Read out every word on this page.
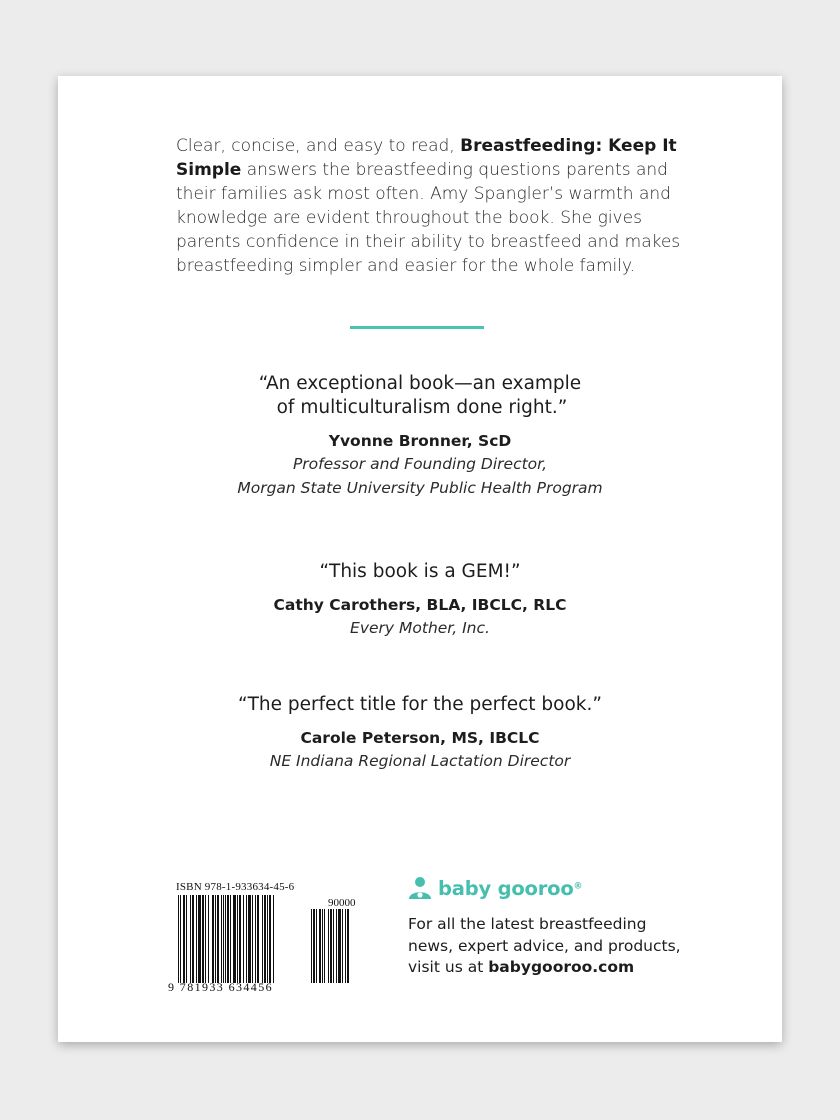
Clear, concise, and easy to read, Breastfeeding: Keep It Simple answers the breastfeeding questions parents and their families ask most often. Amy Spangler’s warmth and knowledge are evident throughout the book. She gives parents confidence in their ability to breastfeed and makes breastfeeding simpler and easier for the whole family.

“An exceptional book—an example
of multiculturalism done right.”

Yvonne Bronner, ScD
Professor and Founding Director,
Morgan State University Public Health Program

“This book is a GEM!”

Cathy Carothers, BLA, IBCLC, RLC
Every Mother, Inc.

“The perfect title for the perfect book.”

Carole Peterson, MS, IBCLC
NE Indiana Regional Lactation Director
ISBN 978-1-933634-45-6
90000
9 781933 634456
baby gooroo®
For all the latest breastfeeding
news, expert advice, and products,
visit us at babygooroo.com
